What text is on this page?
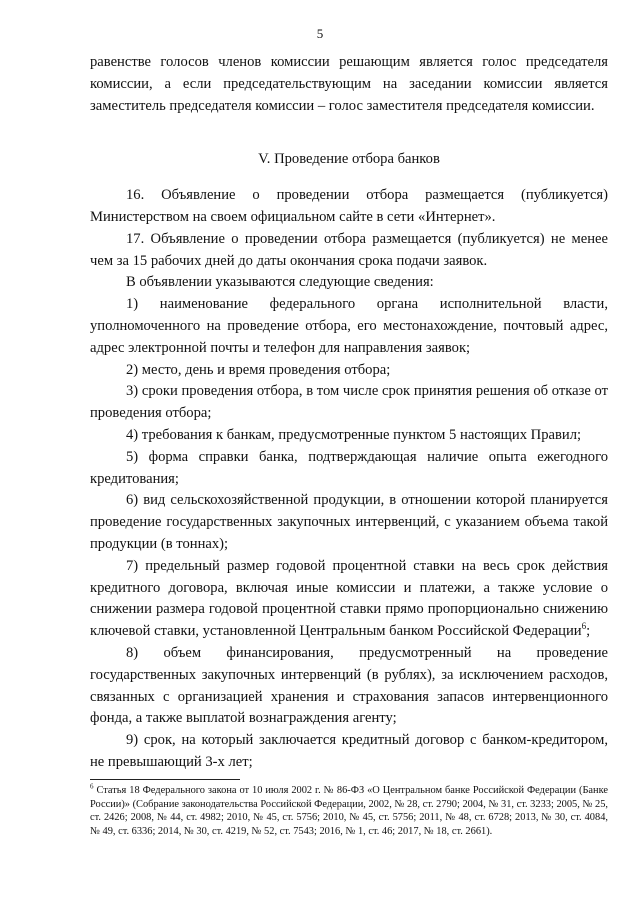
5

равенстве голосов членов комиссии решающим является голос председателя комиссии, а если председательствующим на заседании комиссии является заместитель председателя комиссии – голос заместителя председателя комиссии.

V. Проведение отбора банков

16. Объявление о проведении отбора размещается (публикуется) Министерством на своем официальном сайте в сети «Интернет».

17. Объявление о проведении отбора размещается (публикуется) не менее чем за 15 рабочих дней до даты окончания срока подачи заявок.

В объявлении указываются следующие сведения:

1) наименование федерального органа исполнительной власти, уполномоченного на проведение отбора, его местонахождение, почтовый адрес, адрес электронной почты и телефон для направления заявок;

2) место, день и время проведения отбора;

3) сроки проведения отбора, в том числе срок принятия решения об отказе от проведения отбора;

4) требования к банкам, предусмотренные пунктом 5 настоящих Правил;

5) форма справки банка, подтверждающая наличие опыта ежегодного кредитования;

6) вид сельскохозяйственной продукции, в отношении которой планируется проведение государственных закупочных интервенций, с указанием объема такой продукции (в тоннах);

7) предельный размер годовой процентной ставки на весь срок действия кредитного договора, включая иные комиссии и платежи, а также условие о снижении размера годовой процентной ставки прямо пропорционально снижению ключевой ставки, установленной Центральным банком Российской Федерации$^6$;

8) объем финансирования, предусмотренный на проведение государственных закупочных интервенций (в рублях), за исключением расходов, связанных с организацией хранения и страхования запасов интервенционного фонда, а также выплатой вознаграждения агенту;

9) срок, на который заключается кредитный договор с банком-кредитором, не превышающий 3-х лет;

$^6$ Статья 18 Федерального закона от 10 июля 2002 г. № 86-ФЗ «О Центральном банке Российской Федерации (Банке России)» (Собрание законодательства Российской Федерации, 2002, № 28, ст. 2790; 2004, № 31, ст. 3233; 2005, № 25, ст. 2426; 2008, № 44, ст. 4982; 2010, № 45, ст. 5756; 2010, № 45, ст. 5756; 2011, № 48, ст. 6728; 2013, № 30, ст. 4084, № 49, ст. 6336; 2014, № 30, ст. 4219, № 52, ст. 7543; 2016, № 1, ст. 46; 2017, № 18, ст. 2661).
